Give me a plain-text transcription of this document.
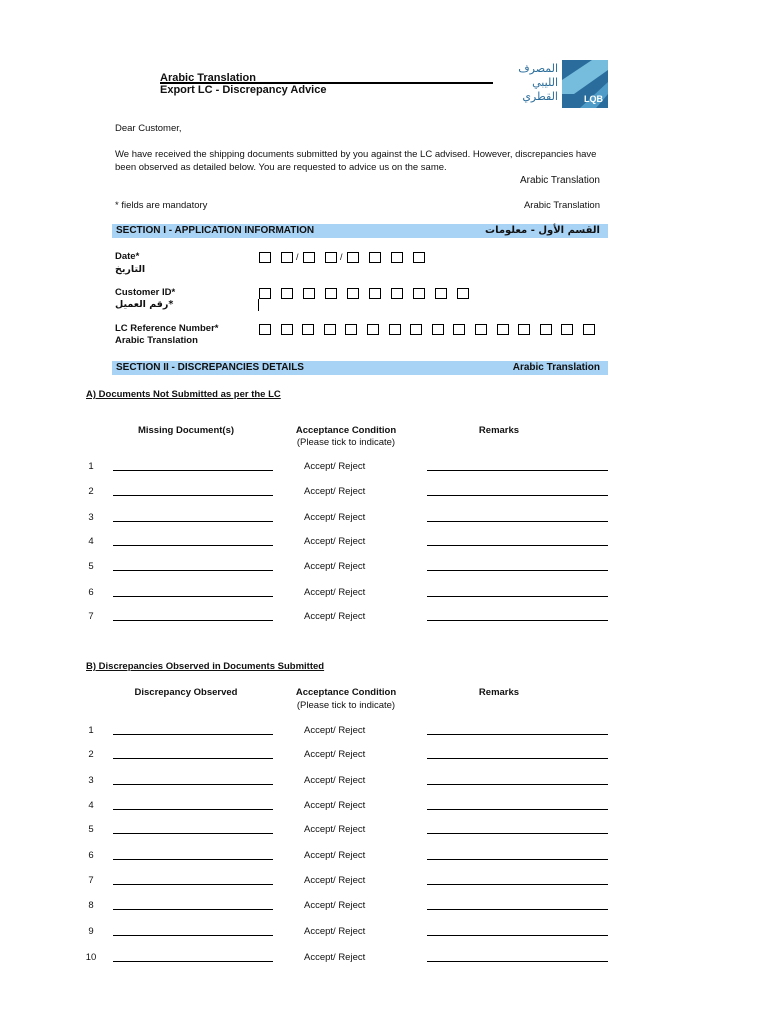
Arabic Translation
Export LC - Discrepancy Advice
المصرف
الليبي
القطري	LQB
Dear Customer,
We have received the shipping documents submitted by you against the LC advised. However, discrepancies have
been observed as detailed below. You are requested to advice us on the same.
Arabic Translation
* fields are mandatory	Arabic Translation
SECTION I - APPLICATION INFORMATION	القسم الأول - معلومات
Date*
التاريخ
/	/
Customer ID*
رقم العميل*
LC Reference Number*
Arabic Translation
SECTION II - DISCREPANCIES DETAILS	Arabic Translation
A) Documents Not Submitted as per the LC
Missing Document(s)	Acceptance Condition
(Please tick to indicate)
Remarks
1	Accept/ Reject
2	Accept/ Reject
3	Accept/ Reject
4	Accept/ Reject
5	Accept/ Reject
6	Accept/ Reject
7	Accept/ Reject
B) Discrepancies Observed in Documents Submitted
Discrepancy Observed	Acceptance Condition
(Please tick to indicate)
Remarks
1	Accept/ Reject
2	Accept/ Reject
3	Accept/ Reject
4	Accept/ Reject
5	Accept/ Reject
6	Accept/ Reject
7	Accept/ Reject
8	Accept/ Reject
9	Accept/ Reject
10	Accept/ Reject
